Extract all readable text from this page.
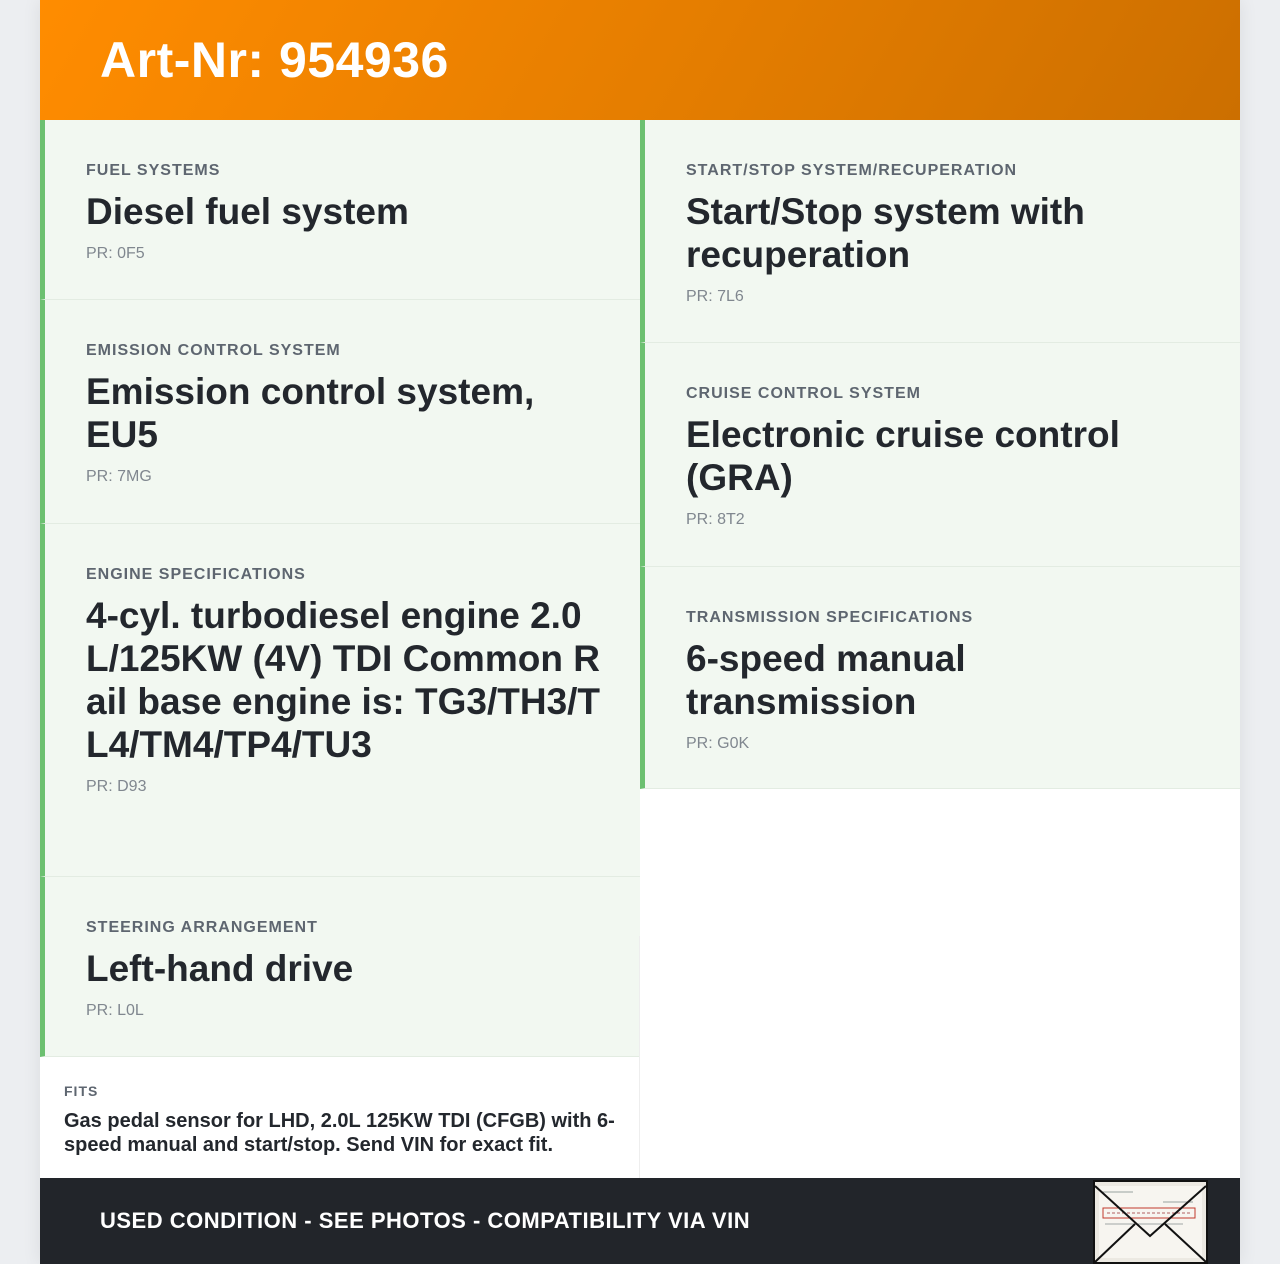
Art-Nr: 954936
FUEL SYSTEMS
Diesel fuel system
PR: 0F5
EMISSION CONTROL SYSTEM
Emission control system, EU5
PR: 7MG
ENGINE SPECIFICATIONS
4-cyl. turbodiesel engine 2.0L/125KW (4V) TDI Common Rail base engine is: TG3/TH3/TL4/TM4/TP4/TU3
PR: D93
STEERING ARRANGEMENT
Left-hand drive
PR: L0L
FITS
Gas pedal sensor for LHD, 2.0L 125KW TDI (CFGB) with 6-speed manual and start/stop. Send VIN for exact fit.
START/STOP SYSTEM/RECUPERATION
Start/Stop system with recuperation
PR: 7L6
CRUISE CONTROL SYSTEM
Electronic cruise control (GRA)
PR: 8T2
TRANSMISSION SPECIFICATIONS
6-speed manual transmission
PR: G0K
USED CONDITION - SEE PHOTOS - COMPATIBILITY VIA VIN
